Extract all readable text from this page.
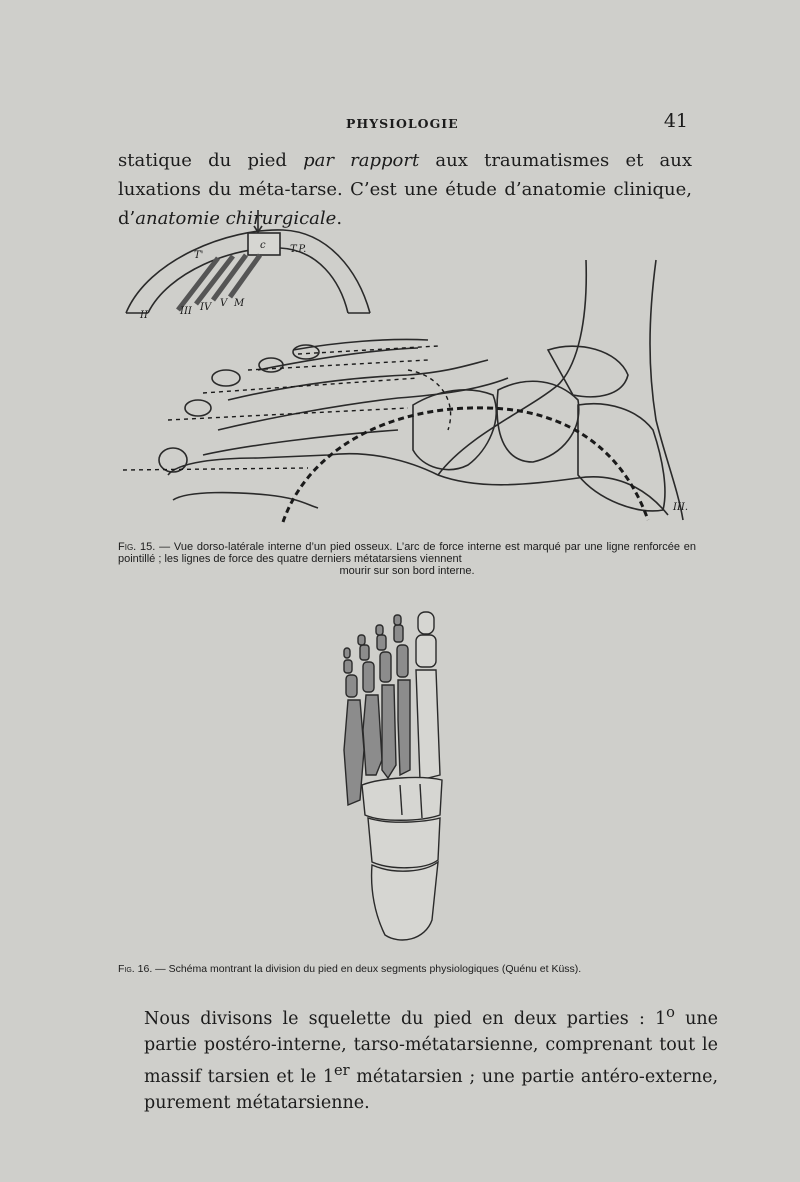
PHYSIOLOGIE	41
statique du pied par rapport aux traumatismes et aux luxations du méta-tarse. C’est une étude d’anatomie clinique, d’anatomie chirurgicale.
c
T'
T.P.
II	III IV V M
III.
Fig. 15. — Vue dorso-latérale interne d’un pied osseux. L’arc de force interne est marqué par une ligne renforcée en pointillé ; les lignes de force des quatre derniers métatarsiens viennent
mourir sur son bord interne.
Fig. 16. — Schéma montrant la division du pied en deux segments physiologiques (Quénu et Küss).
Nous divisons le squelette du pied en deux parties : 1$^o$ une partie postéro-interne, tarso-métatarsienne, comprenant tout le massif tarsien et le 1er métatarsien ; une partie antéro-externe, purement métatarsienne.
